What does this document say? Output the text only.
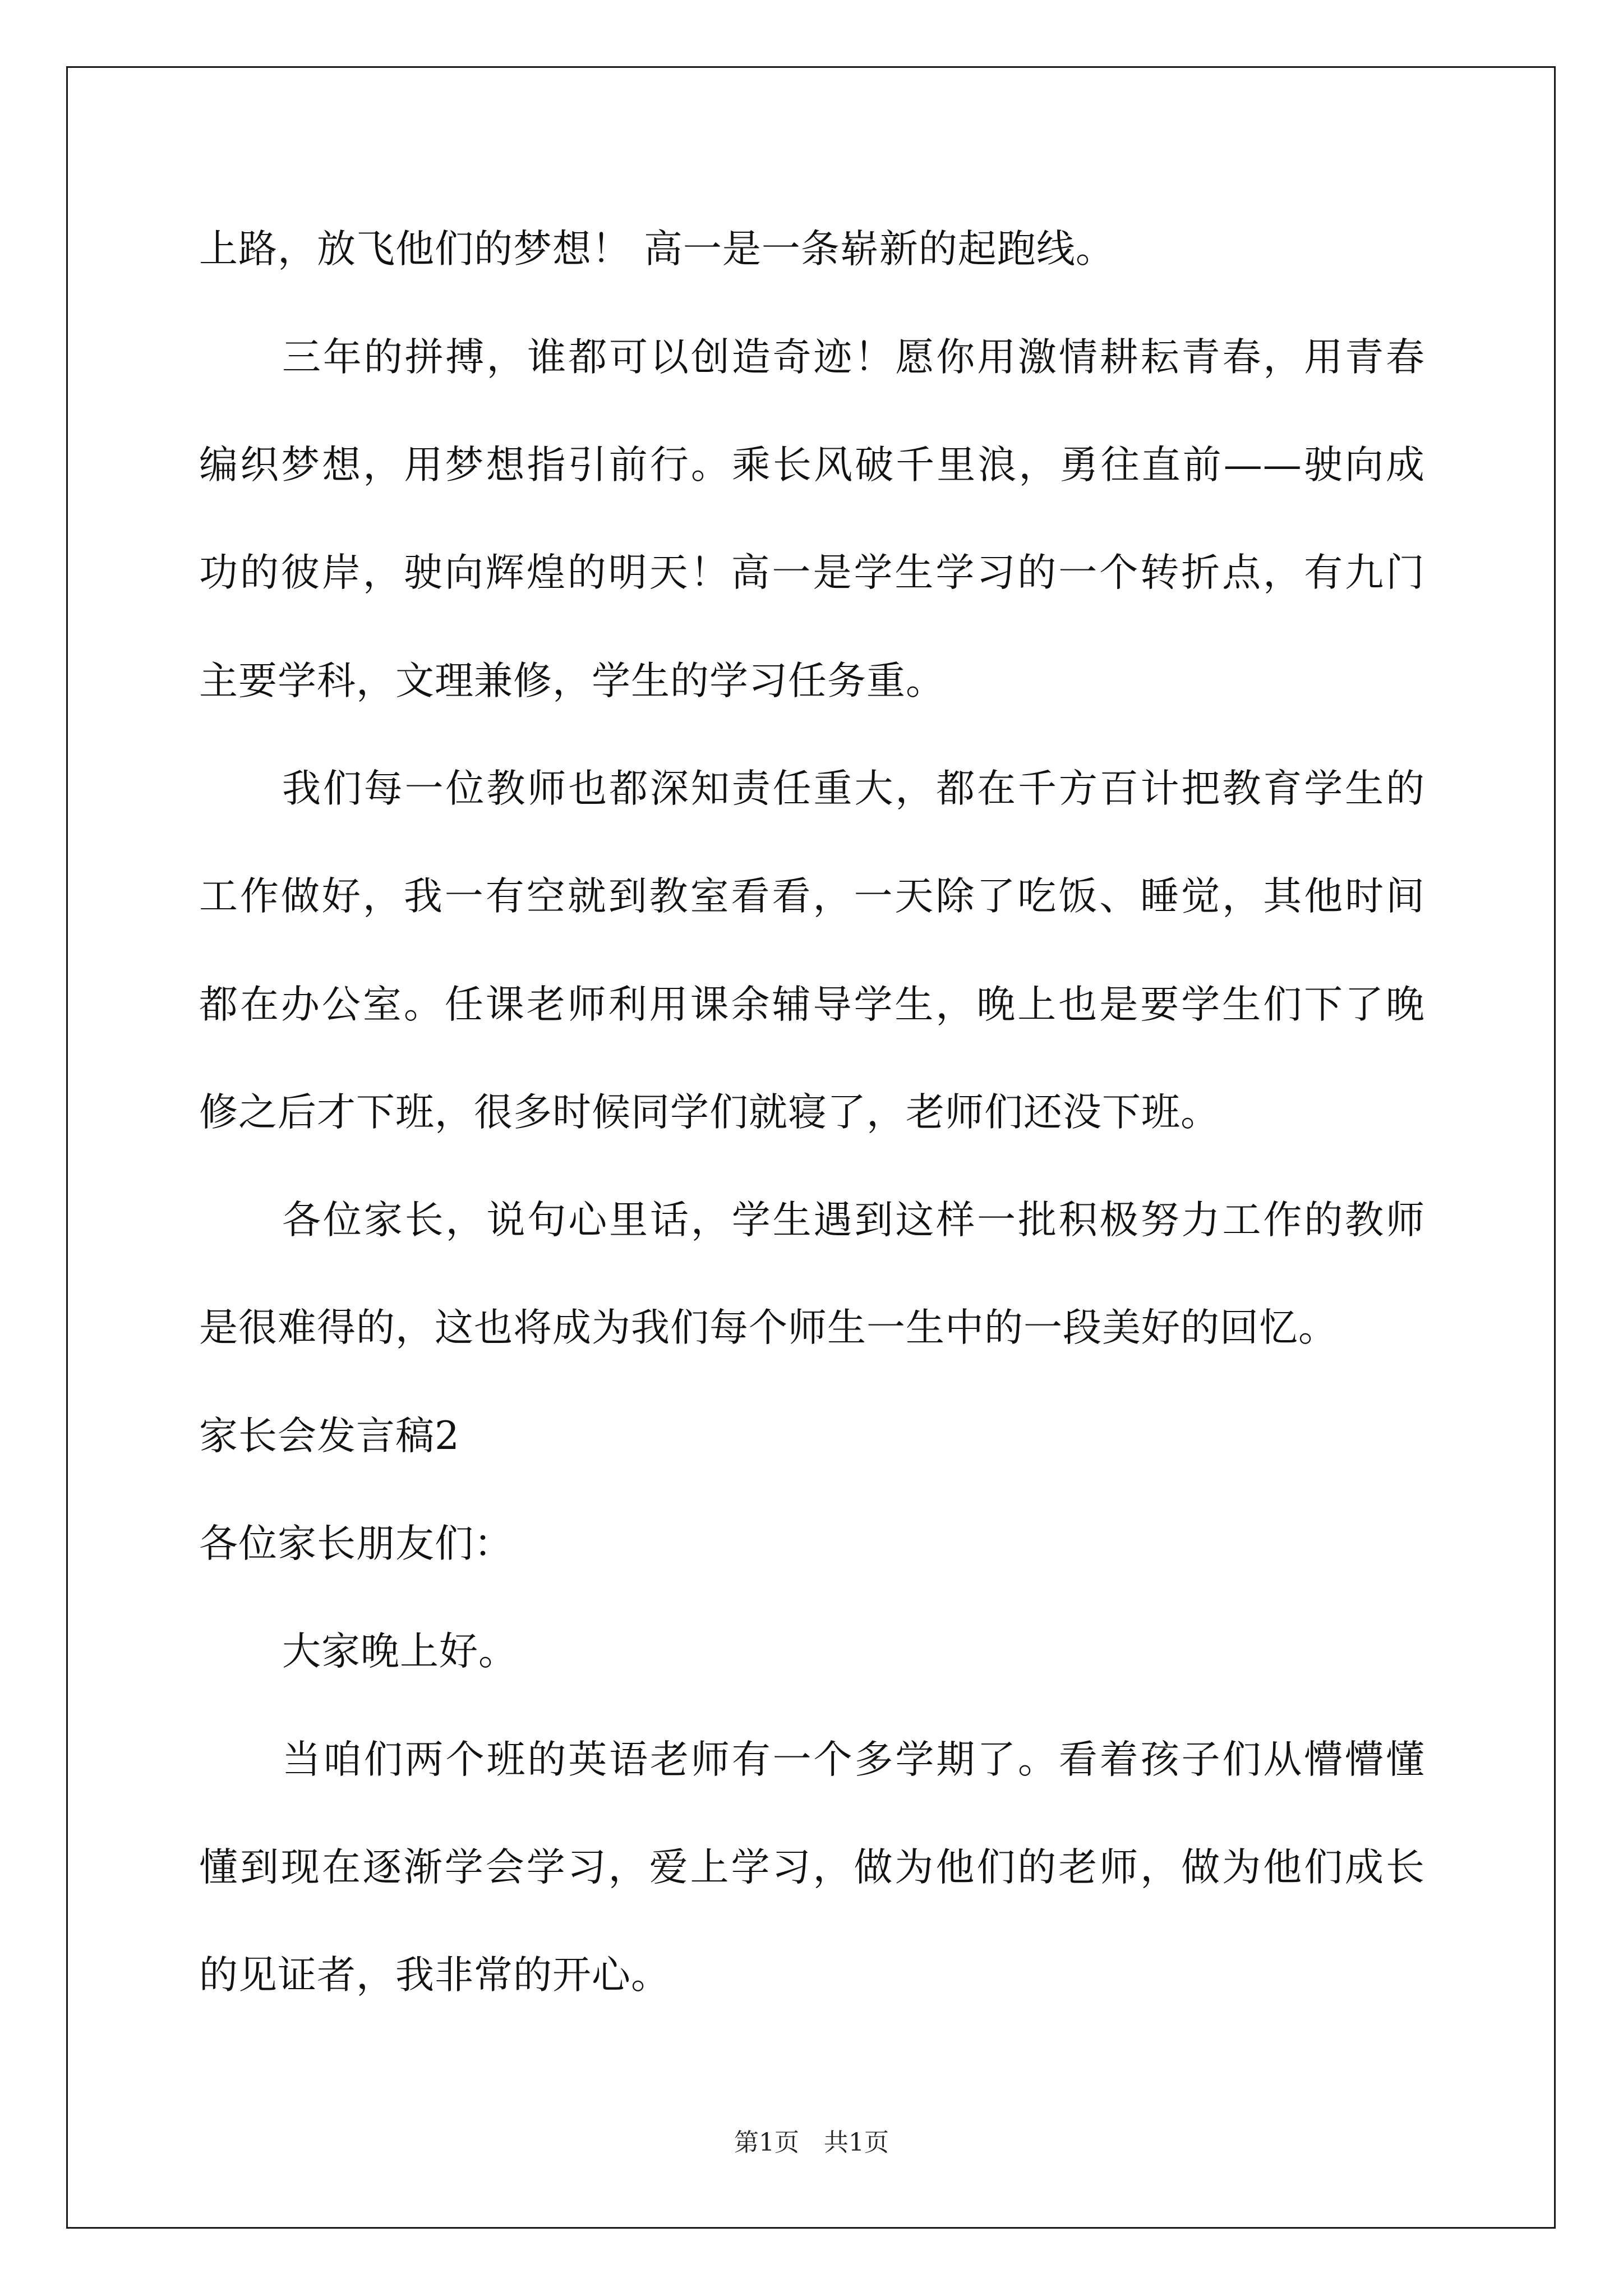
上路，放飞他们的梦想！ 高一是一条崭新的起跑线。
三年的拼搏，谁都可以创造奇迹！愿你用激情耕耘青春，用青春
编织梦想，用梦想指引前行。乘长风破千里浪，勇往直前——驶向成
功的彼岸，驶向辉煌的明天！高一是学生学习的一个转折点，有九门
主要学科，文理兼修，学生的学习任务重。
我们每一位教师也都深知责任重大，都在千方百计把教育学生的
工作做好，我一有空就到教室看看，一天除了吃饭、睡觉，其他时间
都在办公室。任课老师利用课余辅导学生，晚上也是要学生们下了晚
修之后才下班，很多时候同学们就寝了，老师们还没下班。
各位家长，说句心里话，学生遇到这样一批积极努力工作的教师
是很难得的，这也将成为我们每个师生一生中的一段美好的回忆。
家长会发言稿2
各位家长朋友们：
大家晚上好。
当咱们两个班的英语老师有一个多学期了。看着孩子们从懵懵懂
懂到现在逐渐学会学习，爱上学习，做为他们的老师，做为他们成长
的见证者，我非常的开心。
第1页 共1页
